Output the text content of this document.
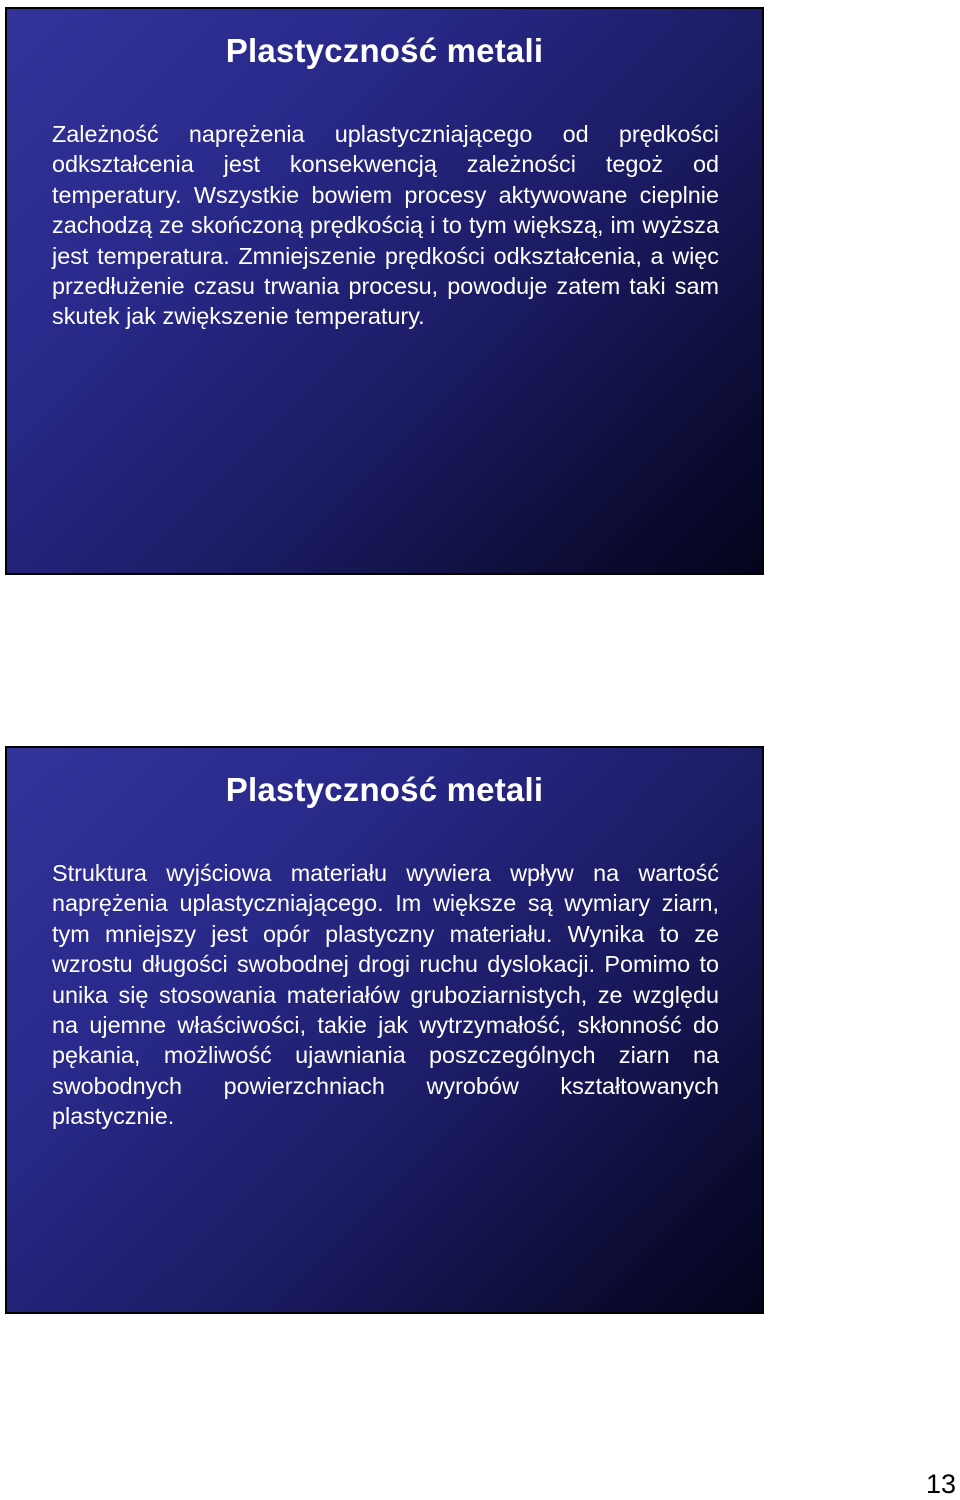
Plastyczność metali

Zależność naprężenia uplastyczniającego od prędkości odkształcenia jest konsekwencją zależności tegoż od temperatury. Wszystkie bowiem procesy aktywowane cieplnie zachodzą ze skończoną prędkością i to tym większą, im wyższa jest temperatura. Zmniejszenie prędkości odkształcenia, a więc przedłużenie czasu trwania procesu, powoduje zatem taki sam skutek jak zwiększenie temperatury.

Plastyczność metali

Struktura wyjściowa materiału wywiera wpływ na wartość naprężenia uplastyczniającego. Im większe są wymiary ziarn, tym mniejszy jest opór plastyczny materiału. Wynika to ze wzrostu długości swobodnej drogi ruchu dyslokacji. Pomimo to unika się stosowania materiałów gruboziarnistych, ze względu na ujemne właściwości, takie jak wytrzymałość, skłonność do pękania, możliwość ujawniania poszczególnych ziarn na swobodnych powierzchniach wyrobów kształtowanych plastycznie.

13
